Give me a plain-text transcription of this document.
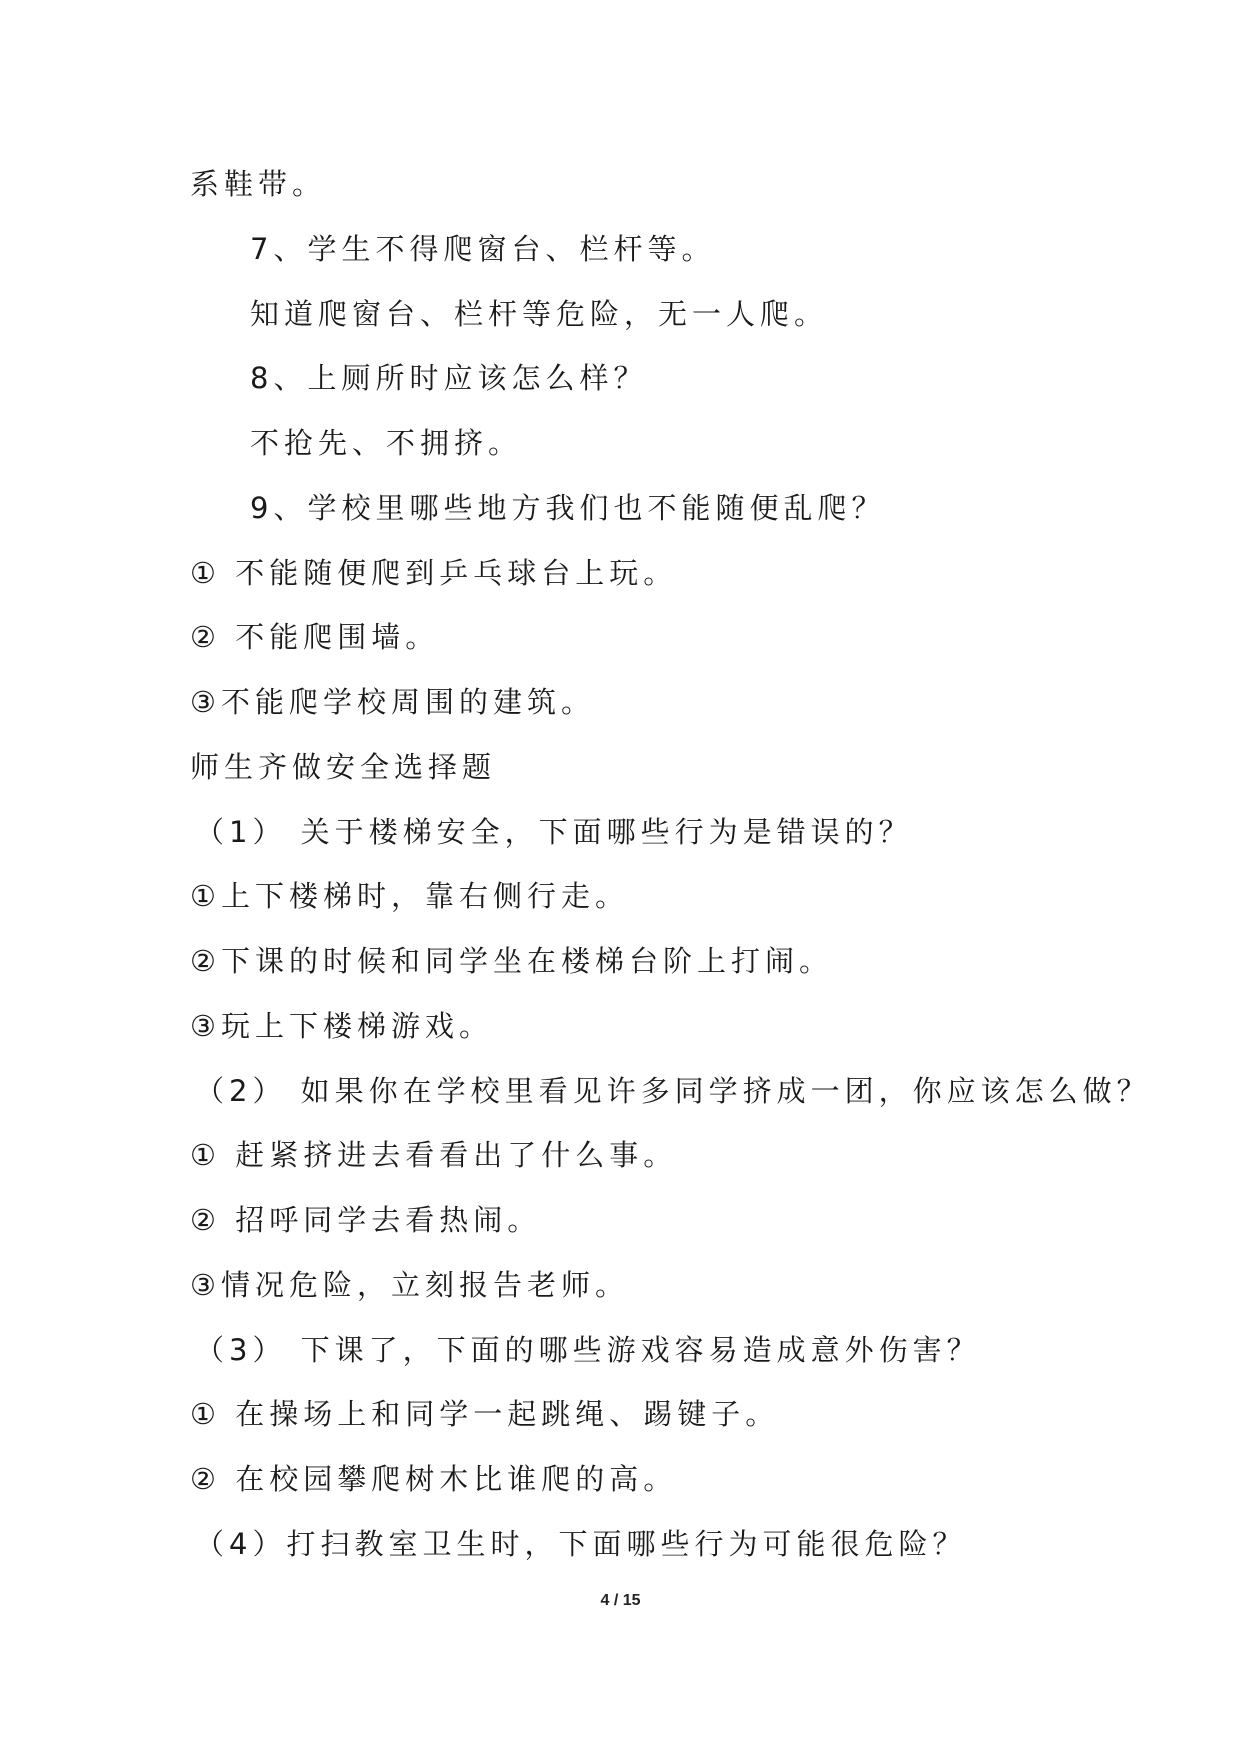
系鞋带。
7、学生不得爬窗台、栏杆等。
知道爬窗台、栏杆等危险，无一人爬。
8、上厕所时应该怎么样？
不抢先、不拥挤。
9、学校里哪些地方我们也不能随便乱爬？
① 不能随便爬到乒乓球台上玩。
② 不能爬围墙。
③不能爬学校周围的建筑。
师生齐做安全选择题
（1） 关于楼梯安全，下面哪些行为是错误的？
①上下楼梯时，靠右侧行走。
②下课的时候和同学坐在楼梯台阶上打闹。
③玩上下楼梯游戏。
（2） 如果你在学校里看见许多同学挤成一团，你应该怎么做？
① 赶紧挤进去看看出了什么事。
② 招呼同学去看热闹。
③情况危险，立刻报告老师。
（3） 下课了，下面的哪些游戏容易造成意外伤害？
① 在操场上和同学一起跳绳、踢键子。
② 在校园攀爬树木比谁爬的高。
（4）打扫教室卫生时，下面哪些行为可能很危险？
4 / 15
